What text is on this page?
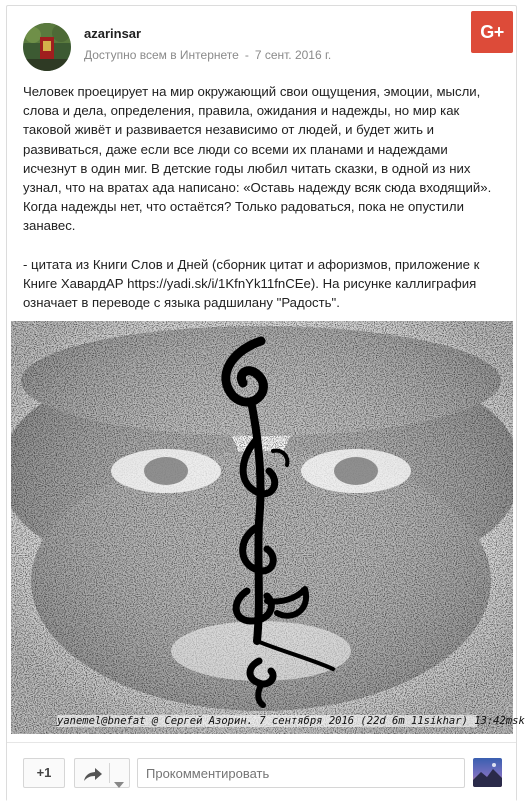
azarinsar
Доступно всем в Интернете - 7 сент. 2016 г.
G+

Человек проецирует на мир окружающий свои ощущения, эмоции, мысли,
слова и дела, определения, правила, ожидания и надежды, но мир как
таковой живёт и развивается независимо от людей, и будет жить и
развиваться, даже если все люди со всеми их планами и надеждами
исчезнут в один миг. В детские годы любил читать сказки, в одной из них
узнал, что на вратах ада написано: «Оставь надежду всяк сюда входящий».
Когда надежды нет, что остаётся? Только радоваться, пока не опустили
занавес.

- цитата из Книги Слов и Дней (сборник цитат и афоризмов, приложение к
Книге ХавардАР https://yadi.sk/i/1KfnYk11fnCEe). На рисунке каллиграфия
означает в переводе с языка радшилану "Радость".

yanemel@bnefat @ Сергей Азорин. 7 сентября 2016 (22d 6m 11sikhar) 13:42msk
+1
Прокомментировать
